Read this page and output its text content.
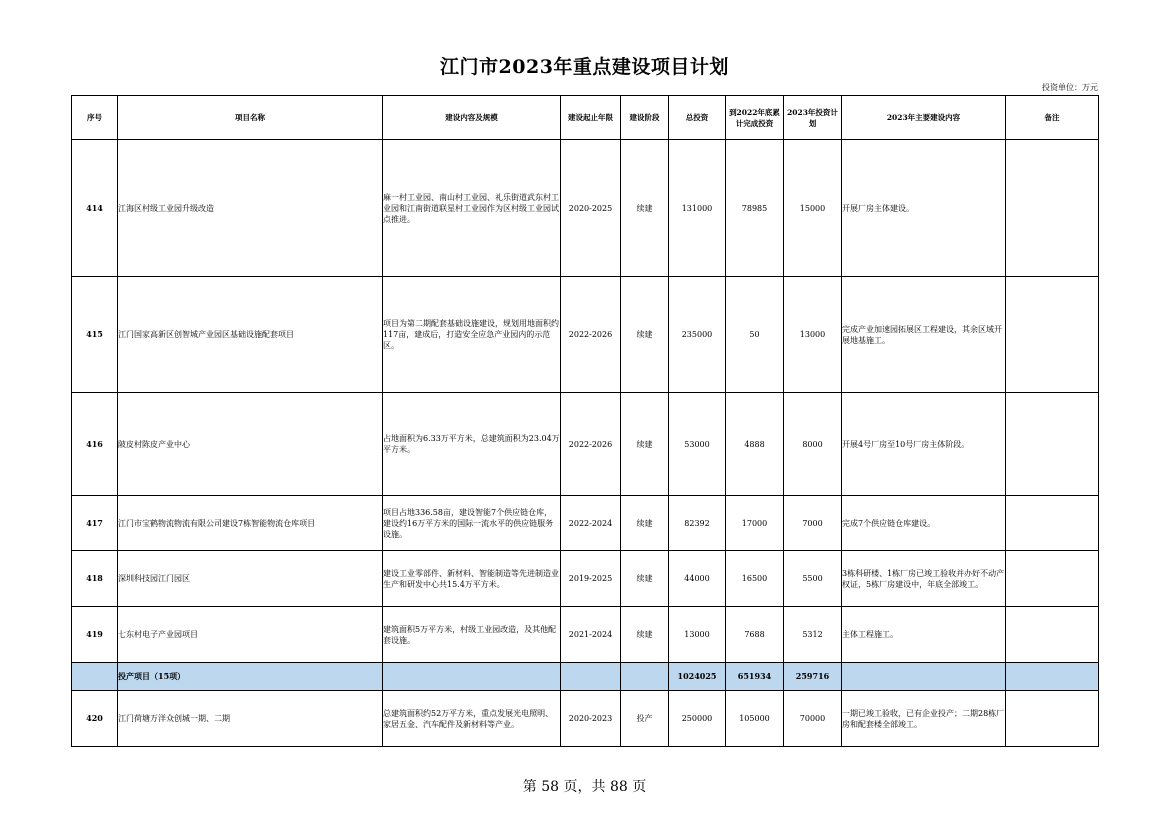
江门市2023年重点建设项目计划
投资单位：万元
序号	项目名称	建设内容及规模	建设起止年限	建设阶段	总投资	到2022年底累计完成投资	2023年投资计划	2023年主要建设内容	备注
414	江海区村级工业园升级改造	麻一村工业园、南山村工业园、礼乐街道武东村工业园和江南街道联星村工业园作为区村级工业园试点推进。	2020-2025	续建	131000	78985	15000	开展厂房主体建设。	
415	江门国家高新区创智城产业园区基础设施配套项目	项目为第二期配套基础设施建设，规划用地面积约117亩，建成后，打造安全应急产业园内的示范区。	2022-2026	续建	235000	50	13000	完成产业加速园拓展区工程建设，其余区域开展地基施工。	
416	陂皮村陈皮产业中心	占地面积为6.33万平方米，总建筑面积为23.04万平方米。	2022-2026	续建	53000	4888	8000	开展4号厂房至10号厂房主体阶段。	
417	江门市宝鹤物流物流有限公司建设7栋智能物流仓库项目	项目占地336.58亩，建设智能7个供应链仓库，建设约16万平方米的国际一流水平的供应链服务设施。	2022-2024	续建	82392	17000	7000	完成7个供应链仓库建设。	
418	深圳科技园江门园区	建设工业零部件、新材料、智能制造等先进制造业生产和研发中心共15.4万平方米。	2019-2025	续建	44000	16500	5500	3栋科研楼、1栋厂房已竣工验收并办好不动产权证，5栋厂房建设中，年底全部竣工。	
419	七东村电子产业园项目	建筑面积5万平方米，村级工业园改造，及其他配套设施。	2021-2024	续建	13000	7688	5312	主体工程施工。	
	投产项目（15项）				1024025	651934	259716		
420	江门荷塘万洋众创城一期、二期	总建筑面积约52万平方米，重点发展光电照明、家居五金、汽车配件及新材料等产业。	2020-2023	投产	250000	105000	70000	一期已竣工验收，已有企业投产；二期28栋厂房和配套楼全部竣工。	
第 58 页，共 88 页
